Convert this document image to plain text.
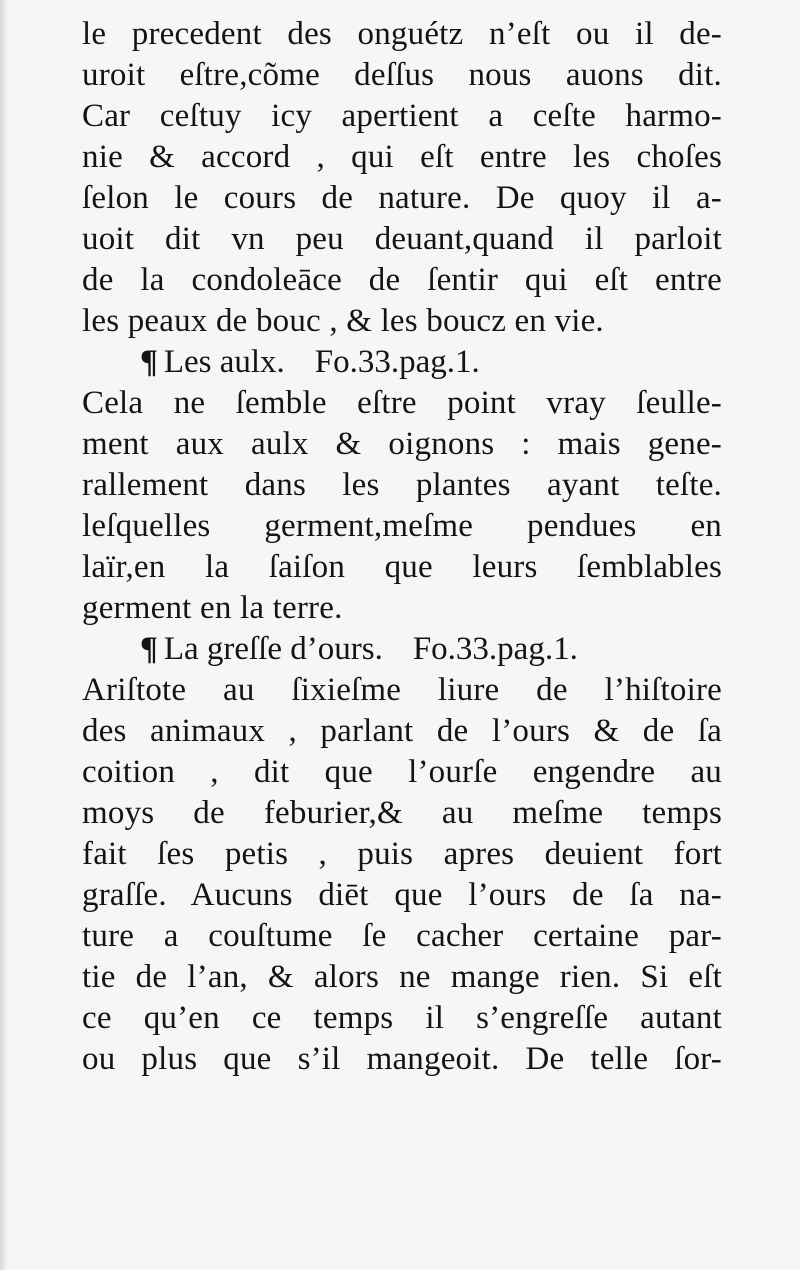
le precedent des onguétz n’eſt ou il de-
uroit eſtre,cõme deſſus nous auons dit.
Car ceſtuy icy apertient a ceſte harmo-
nie & accord , qui eſt entre les choſes
ſelon le cours de nature. De quoy il a-
uoit dit vn peu deuant,quand il parloit
de la condoleāce de ſentir qui eſt entre
les peaux de bouc , & les boucz en vie.
¶ Les aulx. Fo.33.pag.1.
Cela ne ſemble eſtre point vray ſeulle-
ment aux aulx & oignons : mais gene-
rallement dans les plantes ayant teſte.
leſquelles germent,meſme pendues en
laïr,en la ſaiſon que leurs ſemblables
germent en la terre.
¶ La greſſe d’ours. Fo.33.pag.1.
Ariſtote au ſixieſme liure de l’hiſtoire
des animaux , parlant de l’ours & de ſa
coition , dit que l’ourſe engendre au
moys de feburier,& au meſme temps
fait ſes petis , puis apres deuient fort
graſſe. Aucuns diēt que l’ours de ſa na-
ture a couſtume ſe cacher certaine par-
tie de l’an, & alors ne mange rien. Si eſt
ce qu’en ce temps il s’engreſſe autant
ou plus que s’il mangeoit. De telle ſor-
